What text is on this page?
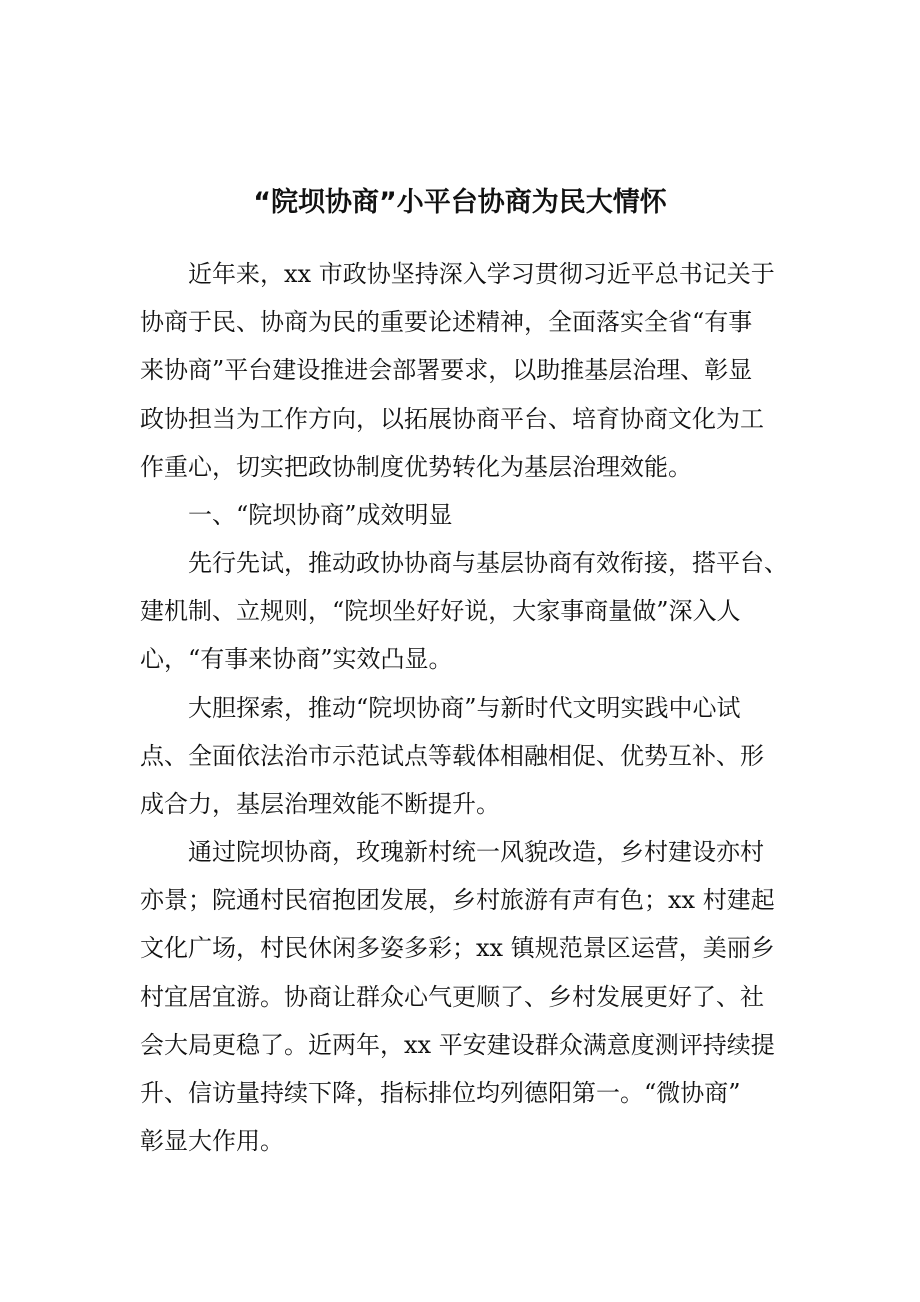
“院坝协商”小平台协商为民大情怀
近年来，xx 市政协坚持深入学习贯彻习近平总书记关于
协商于民、协商为民的重要论述精神，全面落实全省“有事
来协商”平台建设推进会部署要求，以助推基层治理、彰显
政协担当为工作方向，以拓展协商平台、培育协商文化为工
作重心，切实把政协制度优势转化为基层治理效能。
一、“院坝协商”成效明显
先行先试，推动政协协商与基层协商有效衔接，搭平台、
建机制、立规则，“院坝坐好好说，大家事商量做”深入人
心，“有事来协商”实效凸显。
大胆探索，推动“院坝协商”与新时代文明实践中心试
点、全面依法治市示范试点等载体相融相促、优势互补、形
成合力，基层治理效能不断提升。
通过院坝协商，玫瑰新村统一风貌改造，乡村建设亦村
亦景；院通村民宿抱团发展，乡村旅游有声有色；xx 村建起
文化广场，村民休闲多姿多彩；xx 镇规范景区运营，美丽乡
村宜居宜游。协商让群众心气更顺了、乡村发展更好了、社
会大局更稳了。近两年，xx 平安建设群众满意度测评持续提
升、信访量持续下降，指标排位均列德阳第一。“微协商”
彰显大作用。
